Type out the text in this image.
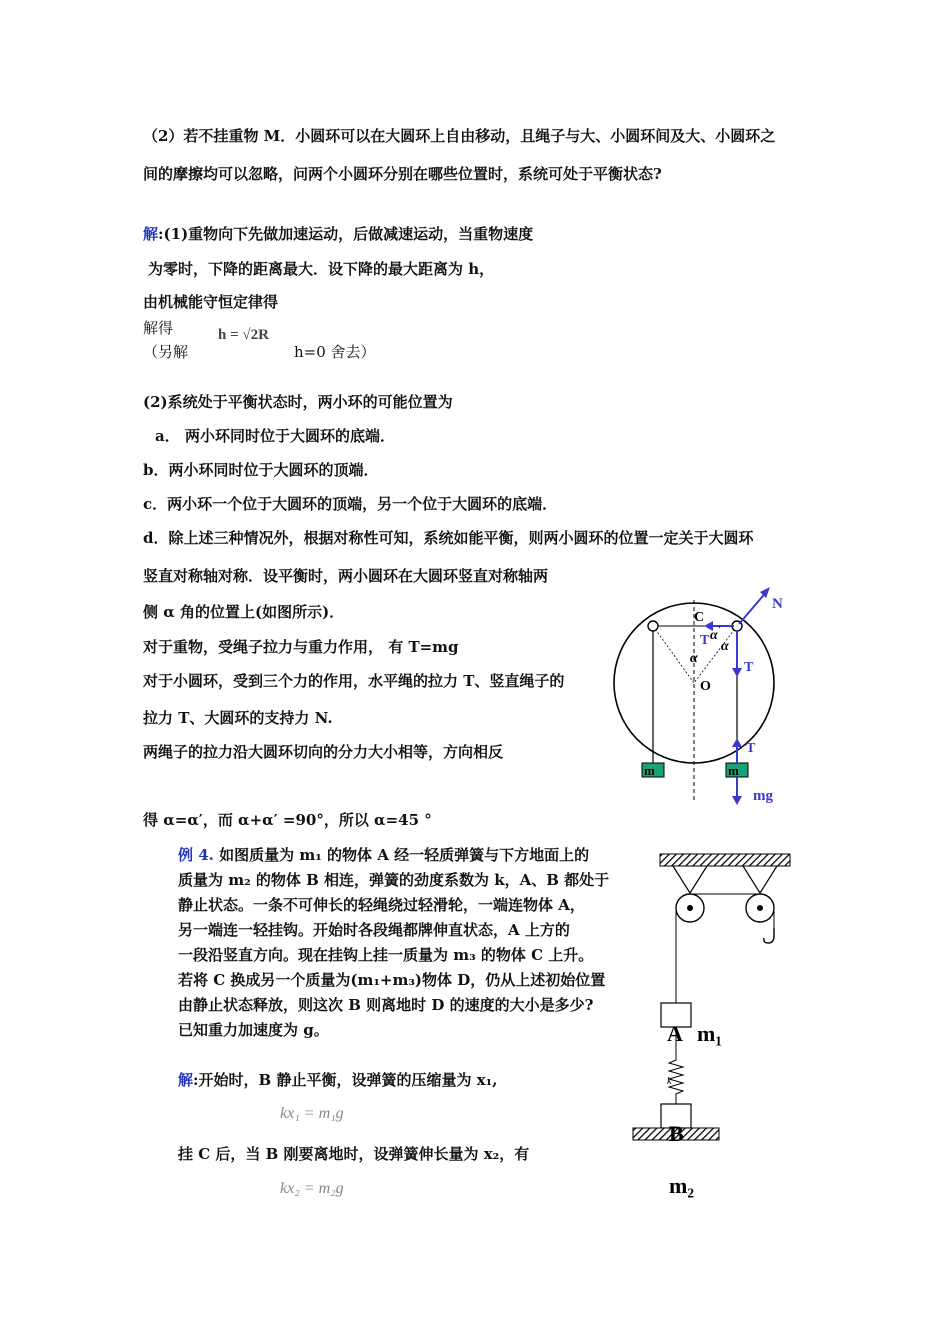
（2）若不挂重物 M．小圆环可以在大圆环上自由移动，且绳子与大、小圆环间及大、小圆环之
间的摩擦均可以忽略，问两个小圆环分别在哪些位置时，系统可处于平衡状态?
解:(1)重物向下先做加速运动，后做减速运动，当重物速度
为零时，下降的距离最大．设下降的最大距离为 h，
由机械能守恒定律得
解得	h = √2R
（另解	h=0 舍去）
(2)系统处于平衡状态时，两小环的可能位置为
a． 两小环同时位于大圆环的底端．
b．两小环同时位于大圆环的顶端．
c．两小环一个位于大圆环的顶端，另一个位于大圆环的底端．
d．除上述三种情况外，根据对称性可知，系统如能平衡，则两小圆环的位置一定关于大圆环
竖直对称轴对称．设平衡时，两小圆环在大圆环竖直对称轴两
侧 α 角的位置上(如图所示)．
对于重物，受绳子拉力与重力作用， 有 T=mg
对于小圆环，受到三个力的作用，水平绳的拉力 T、竖直绳子的
拉力 T、大圆环的支持力 N.
两绳子的拉力沿大圆环切向的分力大小相等，方向相反
得 α=α′，而 α+α′ =90°，所以 α=45 °
N
C
T α ′
α
α
O
T
T
mg
m	m
例 4. 如图质量为 m₁ 的物体 A 经一轻质弹簧与下方地面上的
质量为 m₂ 的物体 B 相连，弹簧的劲度系数为 k，A、B 都处于
静止状态。一条不可伸长的轻绳绕过轻滑轮，一端连物体 A，
另一端连一轻挂钩。开始时各段绳都牌伸直状态，A 上方的
一段沿竖直方向。现在挂钩上挂一质量为 m₃ 的物体 C 上升。
若将 C 换成另一个质量为(m₁+m₃)物体 D，仍从上述初始位置
由静止状态释放，则这次 B 则离地时 D 的速度的大小是多少?
已知重力加速度为 g。
解:开始时，B 静止平衡，设弹簧的压缩量为 x₁,
kx₁ = m₁g
挂 C 后，当 B 刚要离地时，设弹簧伸长量为 x₂，有
kx₂ = m₂g
A m₁
k
B
m₂
